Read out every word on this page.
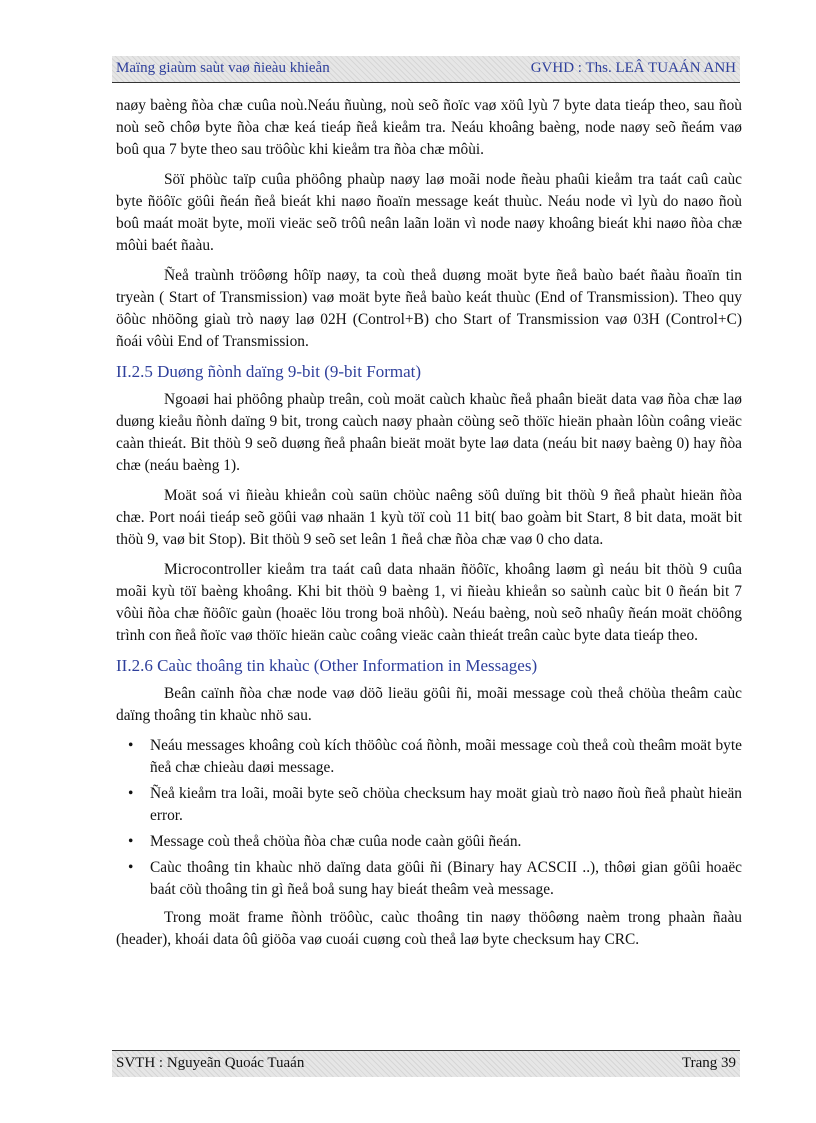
Maïng giaùm saùt vaø ñieàu khieån	GVHD : Ths. LEÂ TUAÁN ANH

naøy baèng ñòa chæ cuûa noù.Neáu ñuùng, noù seõ ñoïc vaø xöû lyù 7 byte data tieáp theo, sau ñoù noù seõ chôø byte ñòa chæ keá tieáp ñeå kieåm tra. Neáu khoâng baèng, node naøy seõ ñeám vaø boû qua 7 byte theo sau tröôùc khi kieåm tra ñòa chæ môùi.

Söï phöùc taïp cuûa phöông phaùp naøy laø moãi node ñeàu phaûi kieåm tra taát caû caùc byte ñöôïc göûi ñeán ñeå bieát khi naøo ñoaïn message keát thuùc. Neáu node vì lyù do naøo ñoù boû maát moät byte, moïi vieäc seõ trôû neân laãn loän vì node naøy khoâng bieát khi naøo ñòa chæ môùi baét ñaàu.

Ñeå traùnh tröôøng hôïp naøy, ta coù theå duøng moät byte ñeå baùo baét ñaàu ñoaïn tin tryeàn ( Start of Transmission) vaø moät byte ñeå baùo keát thuùc (End of Transmission). Theo quy öôùc nhöõng giaù trò naøy laø 02H (Control+B) cho Start of Transmission vaø 03H (Control+C) ñoái vôùi End of Transmission.

II.2.5 Duøng ñònh daïng 9-bit (9-bit Format)

Ngoaøi hai phöông phaùp treân, coù moät caùch khaùc ñeå phaân bieät data vaø ñòa chæ laø duøng kieåu ñònh daïng 9 bit, trong caùch naøy phaàn cöùng seõ thöïc hieän phaàn lôùn coâng vieäc caàn thieát. Bit thöù 9 seõ duøng ñeå phaân bieät moät byte laø data (neáu bit naøy baèng 0) hay ñòa chæ (neáu baèng 1).

Moät soá vi ñieàu khieån coù saün chöùc naêng söû duïng bit thöù 9 ñeå phaùt hieän ñòa chæ. Port noái tieáp seõ göûi vaø nhaän 1 kyù töï coù 11 bit( bao goàm bit Start, 8 bit data, moät bit thöù 9, vaø bit Stop). Bit thöù 9 seõ set leân 1 ñeå chæ ñòa chæ vaø 0 cho data.

Microcontroller kieåm tra taát caû data nhaän ñöôïc, khoâng laøm gì neáu bit thöù 9 cuûa moãi kyù töï baèng khoâng. Khi bit thöù 9 baèng 1, vi ñieàu khieån so saùnh caùc bit 0 ñeán bit 7 vôùi ñòa chæ ñöôïc gaùn (hoaëc löu trong boä nhôù). Neáu baèng, noù seõ nhaûy ñeán moät chöông trình con ñeå ñoïc vaø thöïc hieän caùc coâng vieäc caàn thieát treân caùc byte data tieáp theo.

II.2.6 Caùc thoâng tin khaùc (Other Information in Messages)

Beân caïnh ñòa chæ node vaø döõ lieäu göûi ñi, moãi message coù theå chöùa theâm caùc daïng thoâng tin khaùc nhö sau.

• Neáu messages khoâng coù kích thöôùc coá ñònh, moãi message coù theå coù theâm moät byte ñeå chæ chieàu daøi message.
• Ñeå kieåm tra loãi, moãi byte seõ chöùa checksum hay moät giaù trò naøo ñoù ñeå phaùt hieän error.
• Message coù theå chöùa ñòa chæ cuûa node caàn göûi ñeán.
• Caùc thoâng tin khaùc nhö daïng data göûi ñi (Binary hay ACSCII ..), thôøi gian göûi hoaëc baát cöù thoâng tin gì ñeå boå sung hay bieát theâm veà message.

Trong moät frame ñònh tröôùc, caùc thoâng tin naøy thöôøng naèm trong phaàn ñaàu (header), khoái data ôû giöõa vaø cuoái cuøng coù theå laø byte checksum hay CRC.

SVTH : Nguyeãn Quoác Tuaán	Trang 39
